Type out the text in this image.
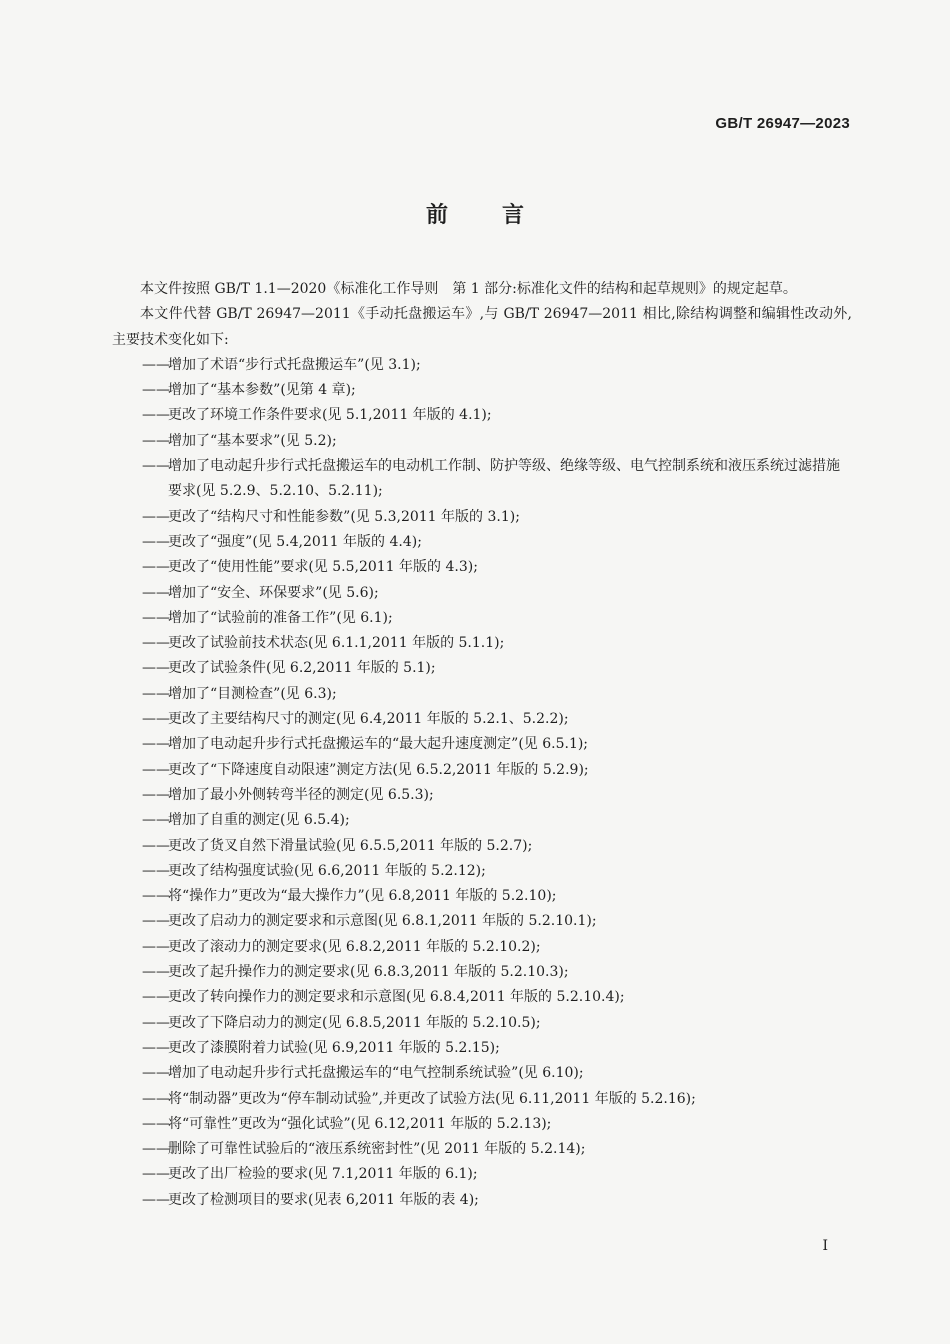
GB/T 26947—2023
前 言

本文件按照 GB/T 1.1—2020《标准化工作导则　第 1 部分:标准化文件的结构和起草规则》的规定起草。

本文件代替 GB/T 26947—2011《手动托盘搬运车》,与 GB/T 26947—2011 相比,除结构调整和编辑性改动外,主要技术变化如下:

——
增加了术语“步行式托盘搬运车”(见 3.1);

——
增加了“基本参数”(见第 4 章);

——
更改了环境工作条件要求(见 5.1,2011 年版的 4.1);

——
增加了“基本要求”(见 5.2);

——
增加了电动起升步行式托盘搬运车的电动机工作制、防护等级、绝缘等级、电气控制系统和液压系统过滤措施要求(见 5.2.9、5.2.10、5.2.11);

——
更改了“结构尺寸和性能参数”(见 5.3,2011 年版的 3.1);

——
更改了“强度”(见 5.4,2011 年版的 4.4);

——
更改了“使用性能”要求(见 5.5,2011 年版的 4.3);

——
增加了“安全、环保要求”(见 5.6);

——
增加了“试验前的准备工作”(见 6.1);

——
更改了试验前技术状态(见 6.1.1,2011 年版的 5.1.1);

——
更改了试验条件(见 6.2,2011 年版的 5.1);

——
增加了“目测检查”(见 6.3);

——
更改了主要结构尺寸的测定(见 6.4,2011 年版的 5.2.1、5.2.2);

——
增加了电动起升步行式托盘搬运车的“最大起升速度测定”(见 6.5.1);

——
更改了“下降速度自动限速”测定方法(见 6.5.2,2011 年版的 5.2.9);

——
增加了最小外侧转弯半径的测定(见 6.5.3);

——
增加了自重的测定(见 6.5.4);

——
更改了货叉自然下滑量试验(见 6.5.5,2011 年版的 5.2.7);

——
更改了结构强度试验(见 6.6,2011 年版的 5.2.12);

——
将“操作力”更改为“最大操作力”(见 6.8,2011 年版的 5.2.10);

——
更改了启动力的测定要求和示意图(见 6.8.1,2011 年版的 5.2.10.1);

——
更改了滚动力的测定要求(见 6.8.2,2011 年版的 5.2.10.2);

——
更改了起升操作力的测定要求(见 6.8.3,2011 年版的 5.2.10.3);

——
更改了转向操作力的测定要求和示意图(见 6.8.4,2011 年版的 5.2.10.4);

——
更改了下降启动力的测定(见 6.8.5,2011 年版的 5.2.10.5);

——
更改了漆膜附着力试验(见 6.9,2011 年版的 5.2.15);

——
增加了电动起升步行式托盘搬运车的“电气控制系统试验”(见 6.10);

——
将“制动器”更改为“停车制动试验”,并更改了试验方法(见 6.11,2011 年版的 5.2.16);

——
将“可靠性”更改为“强化试验”(见 6.12,2011 年版的 5.2.13);

——
删除了可靠性试验后的“液压系统密封性”(见 2011 年版的 5.2.14);

——
更改了出厂检验的要求(见 7.1,2011 年版的 6.1);

——
更改了检测项目的要求(见表 6,2011 年版的表 4);

I
